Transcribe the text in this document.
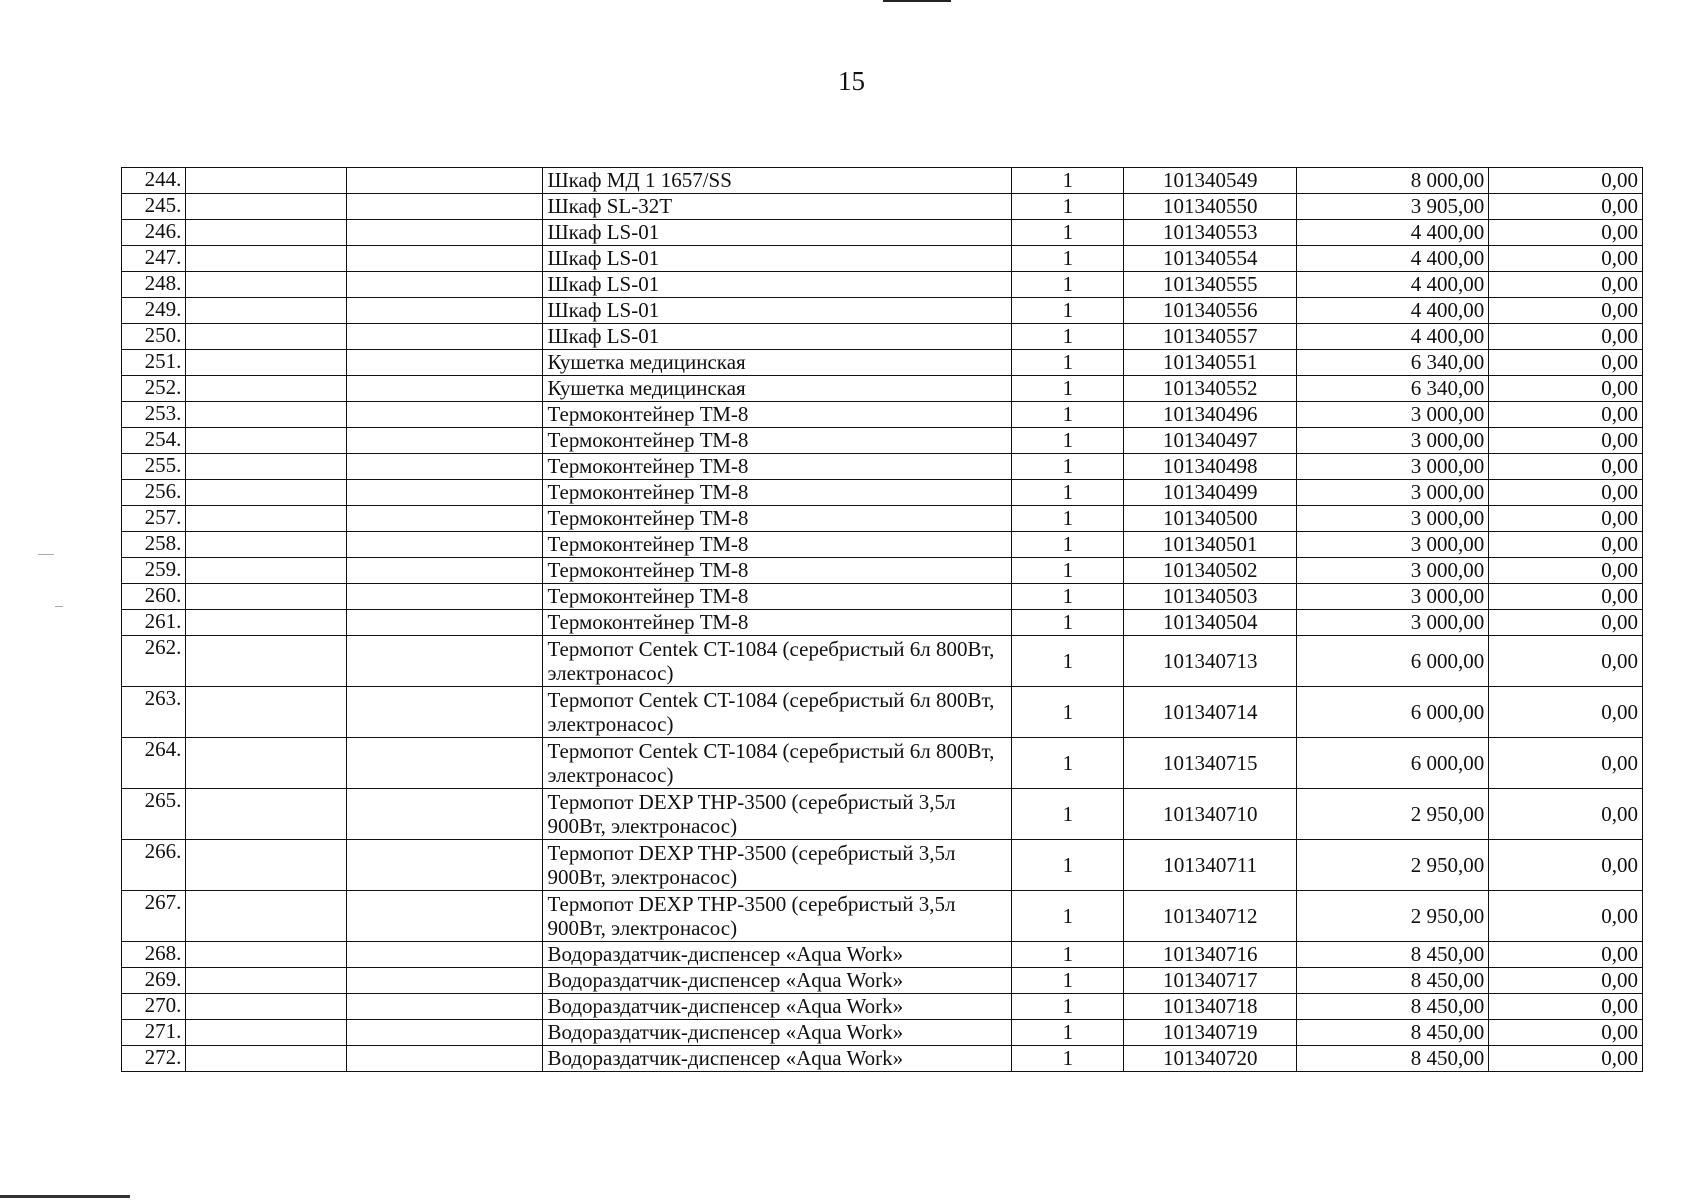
15
244.			Шкаф МД 1 1657/SS	1	101340549	8 000,00	0,00
245.			Шкаф SL-32T	1	101340550	3 905,00	0,00
246.			Шкаф LS-01	1	101340553	4 400,00	0,00
247.			Шкаф LS-01	1	101340554	4 400,00	0,00
248.			Шкаф LS-01	1	101340555	4 400,00	0,00
249.			Шкаф LS-01	1	101340556	4 400,00	0,00
250.			Шкаф LS-01	1	101340557	4 400,00	0,00
251.			Кушетка медицинская	1	101340551	6 340,00	0,00
252.			Кушетка медицинская	1	101340552	6 340,00	0,00
253.			Термоконтейнер ТМ-8	1	101340496	3 000,00	0,00
254.			Термоконтейнер ТМ-8	1	101340497	3 000,00	0,00
255.			Термоконтейнер ТМ-8	1	101340498	3 000,00	0,00
256.			Термоконтейнер ТМ-8	1	101340499	3 000,00	0,00
257.			Термоконтейнер ТМ-8	1	101340500	3 000,00	0,00
258.			Термоконтейнер ТМ-8	1	101340501	3 000,00	0,00
259.			Термоконтейнер ТМ-8	1	101340502	3 000,00	0,00
260.			Термоконтейнер ТМ-8	1	101340503	3 000,00	0,00
261.			Термоконтейнер ТМ-8	1	101340504	3 000,00	0,00
262.			Термопот Centek CT-1084 (серебристый 6л 800Вт, электронасос)	1	101340713	6 000,00	0,00
263.			Термопот Centek CT-1084 (серебристый 6л 800Вт, электронасос)	1	101340714	6 000,00	0,00
264.			Термопот Centek CT-1084 (серебристый 6л 800Вт, электронасос)	1	101340715	6 000,00	0,00
265.			Термопот DEXP THP-3500 (серебристый 3,5л 900Вт, электронасос)	1	101340710	2 950,00	0,00
266.			Термопот DEXP THP-3500 (серебристый 3,5л 900Вт, электронасос)	1	101340711	2 950,00	0,00
267.			Термопот DEXP THP-3500 (серебристый 3,5л 900Вт, электронасос)	1	101340712	2 950,00	0,00
268.			Водораздатчик-диспенсер «Aqua Work»	1	101340716	8 450,00	0,00
269.			Водораздатчик-диспенсер «Aqua Work»	1	101340717	8 450,00	0,00
270.			Водораздатчик-диспенсер «Aqua Work»	1	101340718	8 450,00	0,00
271.			Водораздатчик-диспенсер «Aqua Work»	1	101340719	8 450,00	0,00
272.			Водораздатчик-диспенсер «Aqua Work»	1	101340720	8 450,00	0,00
